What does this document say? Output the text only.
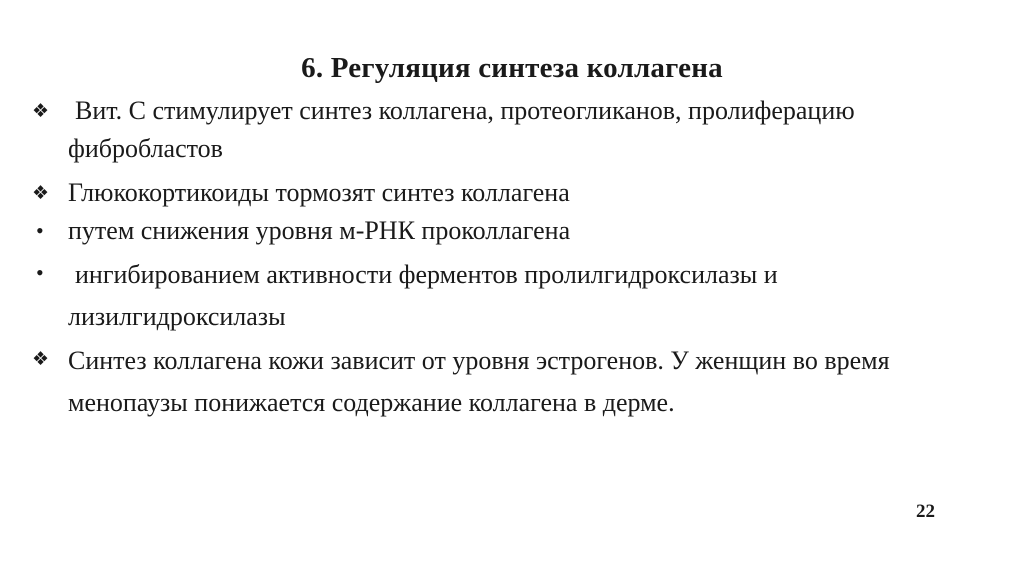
6. Регуляция синтеза коллагена
❖ Вит. С стимулирует синтез коллагена, протеогликанов, пролиферацию фибробластов
❖ Глюкокортикоиды тормозят синтез коллагена
• путем снижения уровня м-РНК проколлагена
•	ингибированием активности ферментов пролилгидроксилазы и лизилгидроксилазы
❖ Синтез коллагена кожи зависит от уровня эстрогенов. У женщин во время менопаузы понижается содержание коллагена в дерме.
22
